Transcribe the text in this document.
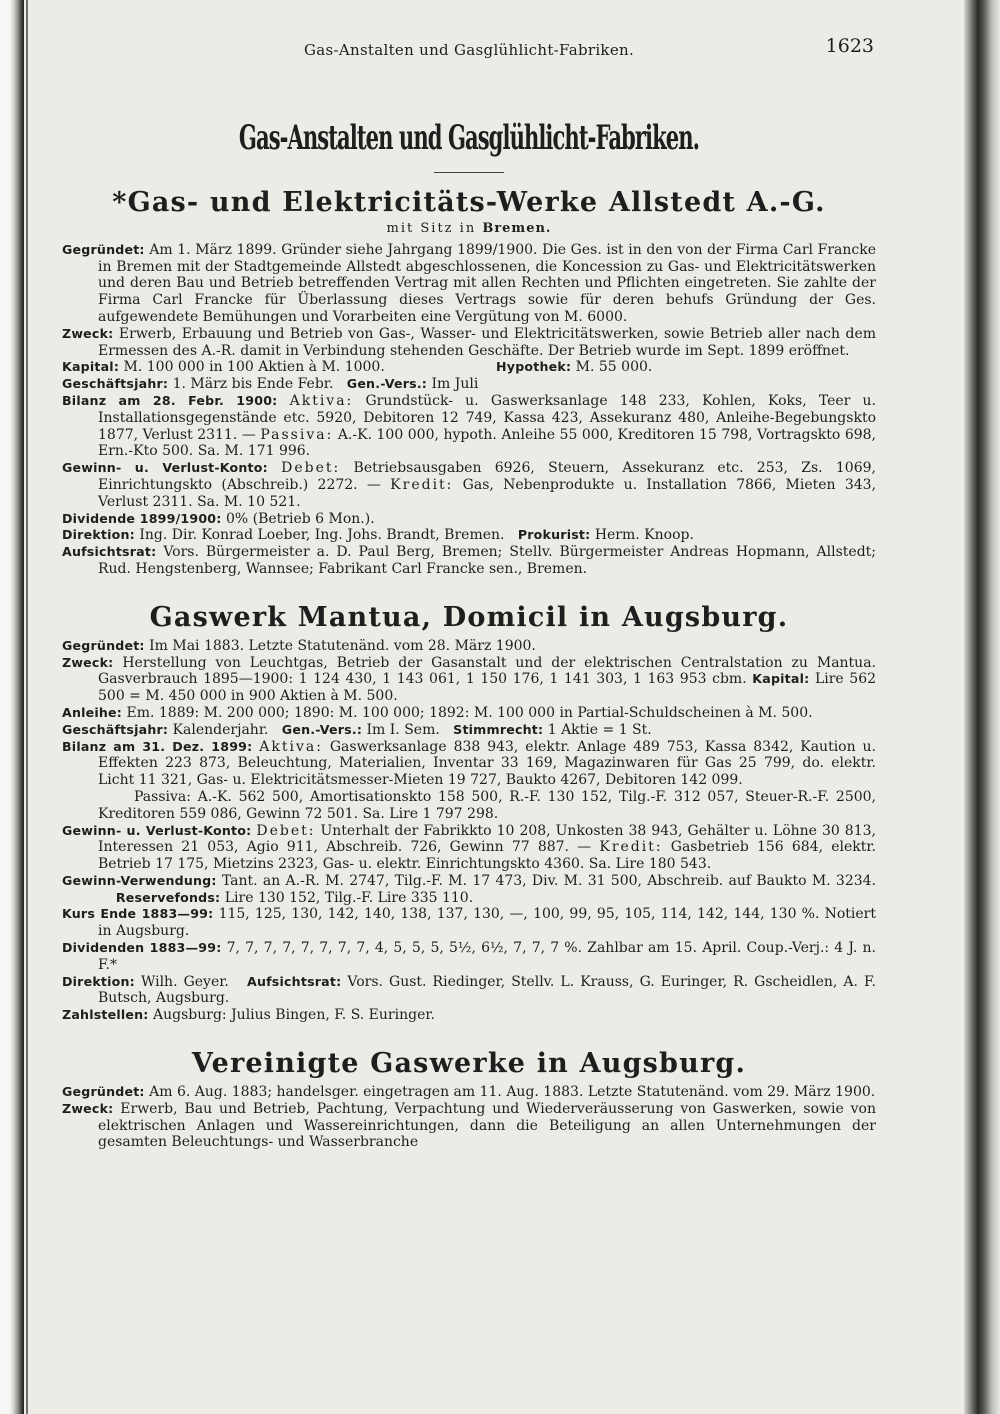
Gas-Anstalten und Gasglühlicht-Fabriken.	1623
Gas-Anstalten und Gasglühlicht-Fabriken.
*Gas- und Elektricitäts-Werke Allstedt A.-G.
mit Sitz in Bremen.

Gegründet: Am 1. März 1899. Gründer siehe Jahrgang 1899/1900. Die Ges. ist in den von der Firma Carl Francke in Bremen mit der Stadtgemeinde Allstedt abgeschlossenen, die Koncession zu Gas- und Elektricitätswerken und deren Bau und Betrieb betreffenden Vertrag mit allen Rechten und Pflichten eingetreten. Sie zahlte der Firma Carl Francke für Überlassung dieses Vertrags sowie für deren behufs Gründung der Ges. aufgewendete Bemühungen und Vorarbeiten eine Vergütung von M. 6000.

Zweck: Erwerb, Erbauung und Betrieb von Gas-, Wasser- und Elektricitätswerken, sowie Betrieb aller nach dem Ermessen des A.-R. damit in Verbindung stehenden Geschäfte. Der Betrieb wurde im Sept. 1899 eröffnet.

Kapital: M. 100 000 in 100 Aktien à M. 1000.	Hypothek: M. 55 000.

Geschäftsjahr: 1. März bis Ende Febr. Gen.-Vers.: Im Juli

Bilanz am 28. Febr. 1900: Aktiva: Grundstück- u. Gaswerksanlage 148 233, Kohlen, Koks, Teer u. Installationsgegenstände etc. 5920, Debitoren 12 749, Kassa 423, Assekuranz 480, Anleihe-Begebungskto 1877, Verlust 2311. — Passiva: A.-K. 100 000, hypoth. Anleihe 55 000, Kreditoren 15 798, Vortragskto 698, Ern.-Kto 500. Sa. M. 171 996.

Gewinn- u. Verlust-Konto: Debet: Betriebsausgaben 6926, Steuern, Assekuranz etc. 253, Zs. 1069, Einrichtungskto (Abschreib.) 2272. — Kredit: Gas, Nebenprodukte u. Installation 7866, Mieten 343, Verlust 2311. Sa. M. 10 521.

Dividende 1899/1900: 0% (Betrieb 6 Mon.).

Direktion: Ing. Dir. Konrad Loeber, Ing. Johs. Brandt, Bremen. Prokurist: Herm. Knoop.

Aufsichtsrat: Vors. Bürgermeister a. D. Paul Berg, Bremen; Stellv. Bürgermeister Andreas Hopmann, Allstedt; Rud. Hengstenberg, Wannsee; Fabrikant Carl Francke sen., Bremen.

Gaswerk Mantua, Domicil in Augsburg.

Gegründet: Im Mai 1883. Letzte Statutenänd. vom 28. März 1900.

Zweck: Herstellung von Leuchtgas, Betrieb der Gasanstalt und der elektrischen Centralstation zu Mantua. Gasverbrauch 1895—1900: 1 124 430, 1 143 061, 1 150 176, 1 141 303, 1 163 953 cbm. Kapital: Lire 562 500 = M. 450 000 in 900 Aktien à M. 500.

Anleihe: Em. 1889: M. 200 000; 1890: M. 100 000; 1892: M. 100 000 in Partial-Schuldscheinen à M. 500.

Geschäftsjahr: Kalenderjahr. Gen.-Vers.: Im I. Sem. Stimmrecht: 1 Aktie = 1 St.

Bilanz am 31. Dez. 1899: Aktiva: Gaswerksanlage 838 943, elektr. Anlage 489 753, Kassa 8342, Kaution u. Effekten 223 873, Beleuchtung, Materialien, Inventar 33 169, Magazinwaren für Gas 25 799, do. elektr. Licht 11 321, Gas- u. Elektricitätsmesser-Mieten 19 727, Baukto 4267, Debitoren 142 099.

Passiva: A.-K. 562 500, Amortisationskto 158 500, R.-F. 130 152, Tilg.-F. 312 057, Steuer-R.-F. 2500, Kreditoren 559 086, Gewinn 72 501. Sa. Lire 1 797 298.

Gewinn- u. Verlust-Konto: Debet: Unterhalt der Fabrikkto 10 208, Unkosten 38 943, Gehälter u. Löhne 30 813, Interessen 21 053, Agio 911, Abschreib. 726, Gewinn 77 887. — Kredit: Gasbetrieb 156 684, elektr. Betrieb 17 175, Mietzins 2323, Gas- u. elektr. Einrichtungskto 4360. Sa. Lire 180 543.

Gewinn-Verwendung: Tant. an A.-R. M. 2747, Tilg.-F. M. 17 473, Div. M. 31 500, Abschreib. auf Baukto M. 3234.     Reservefonds: Lire 130 152, Tilg.-F. Lire 335 110.

Kurs Ende 1883—99: 115, 125, 130, 142, 140, 138, 137, 130, —, 100, 99, 95, 105, 114, 142, 144, 130 %. Notiert in Augsburg.

Dividenden 1883—99: 7, 7, 7, 7, 7, 7, 7, 7, 4, 5, 5, 5, 5½, 6½, 7, 7, 7 %. Zahlbar am 15. April. Coup.-Verj.: 4 J. n. F.*

Direktion: Wilh. Geyer. Aufsichtsrat: Vors. Gust. Riedinger, Stellv. L. Krauss, G. Euringer, R. Gscheidlen, A. F. Butsch, Augsburg.

Zahlstellen: Augsburg: Julius Bingen, F. S. Euringer.

Vereinigte Gaswerke in Augsburg.

Gegründet: Am 6. Aug. 1883; handelsger. eingetragen am 11. Aug. 1883. Letzte Statutenänd. vom 29. März 1900.

Zweck: Erwerb, Bau und Betrieb, Pachtung, Verpachtung und Wiederveräusserung von Gaswerken, sowie von elektrischen Anlagen und Wassereinrichtungen, dann die Beteiligung an allen Unternehmungen der gesamten Beleuchtungs- und Wasserbranche
